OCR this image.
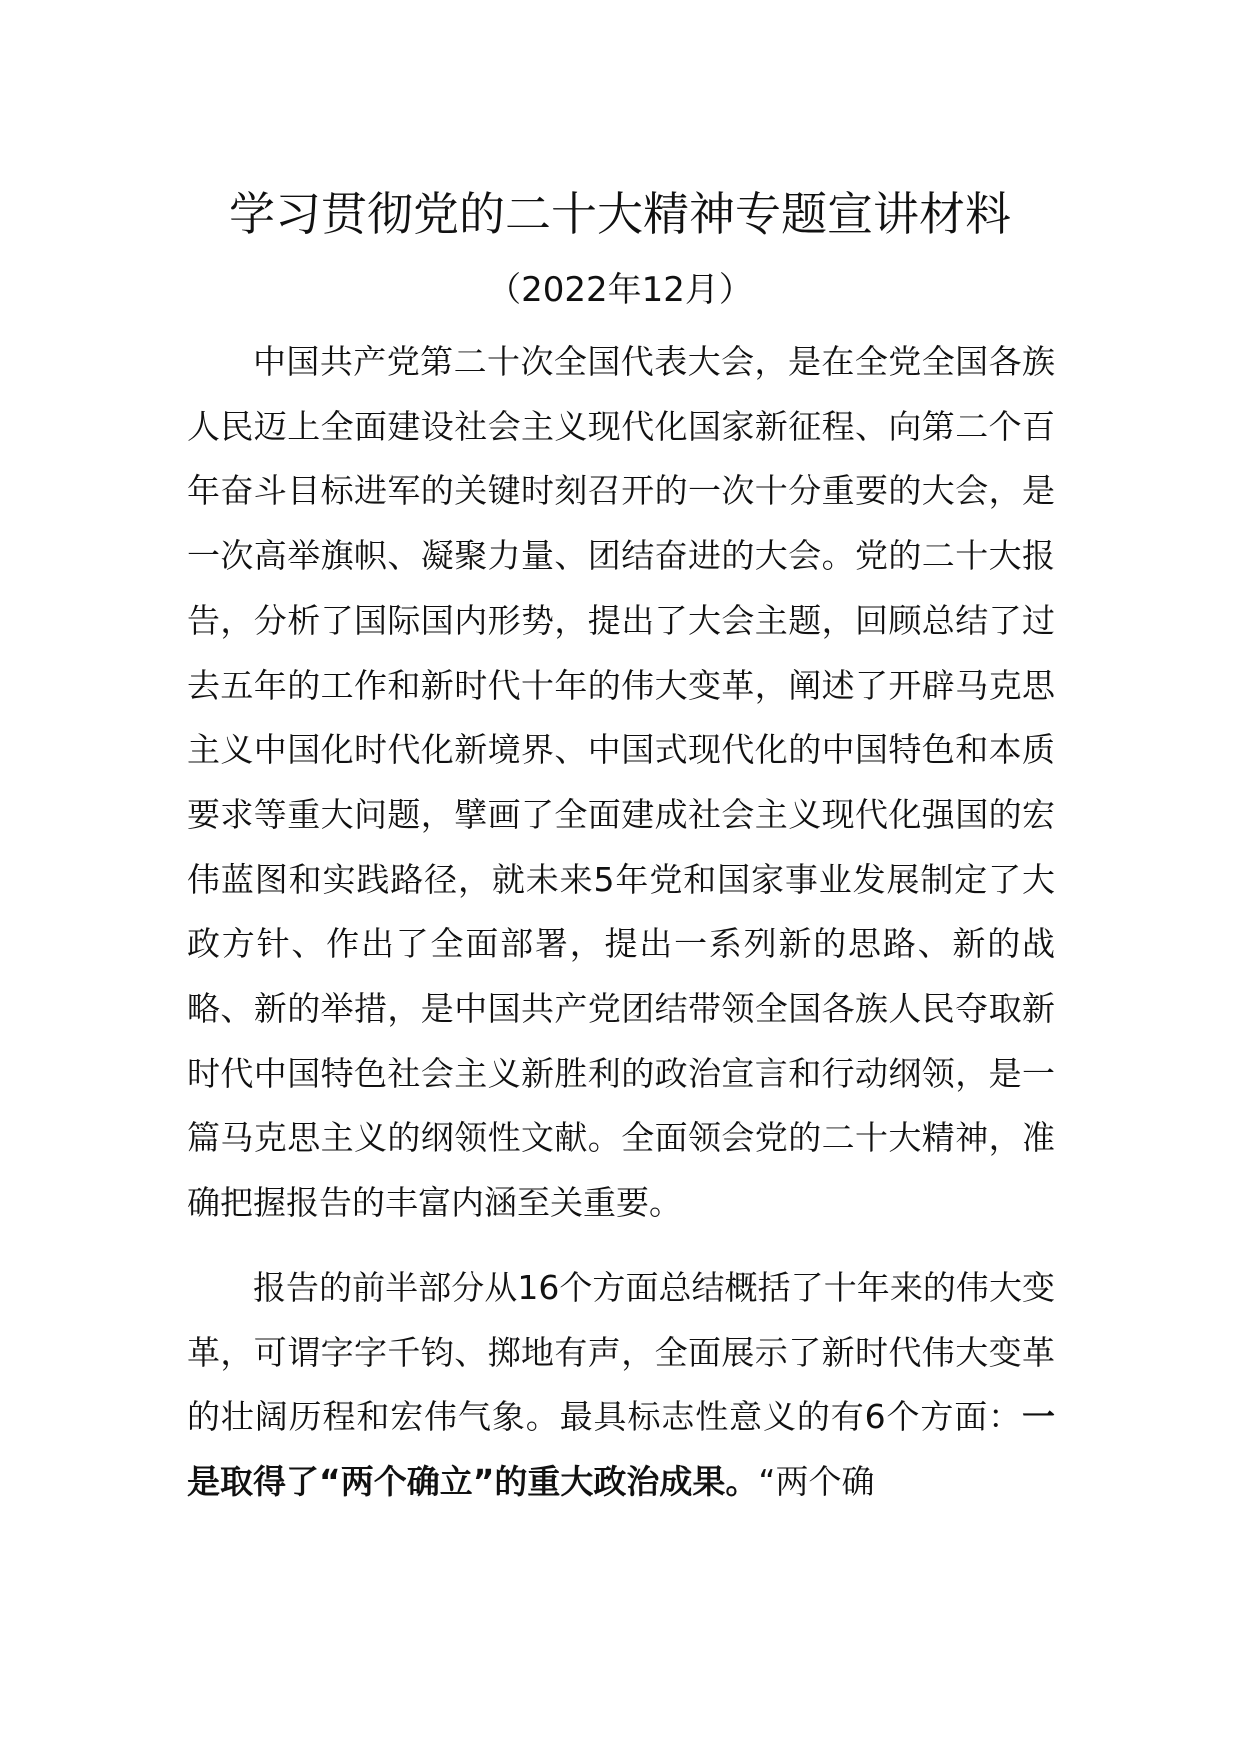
学习贯彻党的二十大精神专题宣讲材料
（2022年12月）

中国共产党第二十次全国代表大会，是在全党全国各族人民迈上全面建设社会主义现代化国家新征程、向第二个百年奋斗目标进军的关键时刻召开的一次十分重要的大会，是一次高举旗帜、凝聚力量、团结奋进的大会。党的二十大报告，分析了国际国内形势，提出了大会主题，回顾总结了过去五年的工作和新时代十年的伟大变革，阐述了开辟马克思主义中国化时代化新境界、中国式现代化的中国特色和本质要求等重大问题，擘画了全面建成社会主义现代化强国的宏伟蓝图和实践路径，就未来5年党和国家事业发展制定了大政方针、作出了全面部署，提出一系列新的思路、新的战略、新的举措，是中国共产党团结带领全国各族人民夺取新时代中国特色社会主义新胜利的政治宣言和行动纲领，是一篇马克思主义的纲领性文献。全面领会党的二十大精神，准确把握报告的丰富内涵至关重要。

报告的前半部分从16个方面总结概括了十年来的伟大变革，可谓字字千钧、掷地有声，全面展示了新时代伟大变革的壮阔历程和宏伟气象。最具标志性意义的有6个方面：一是取得了“两个确立”的重大政治成果。“两个确
